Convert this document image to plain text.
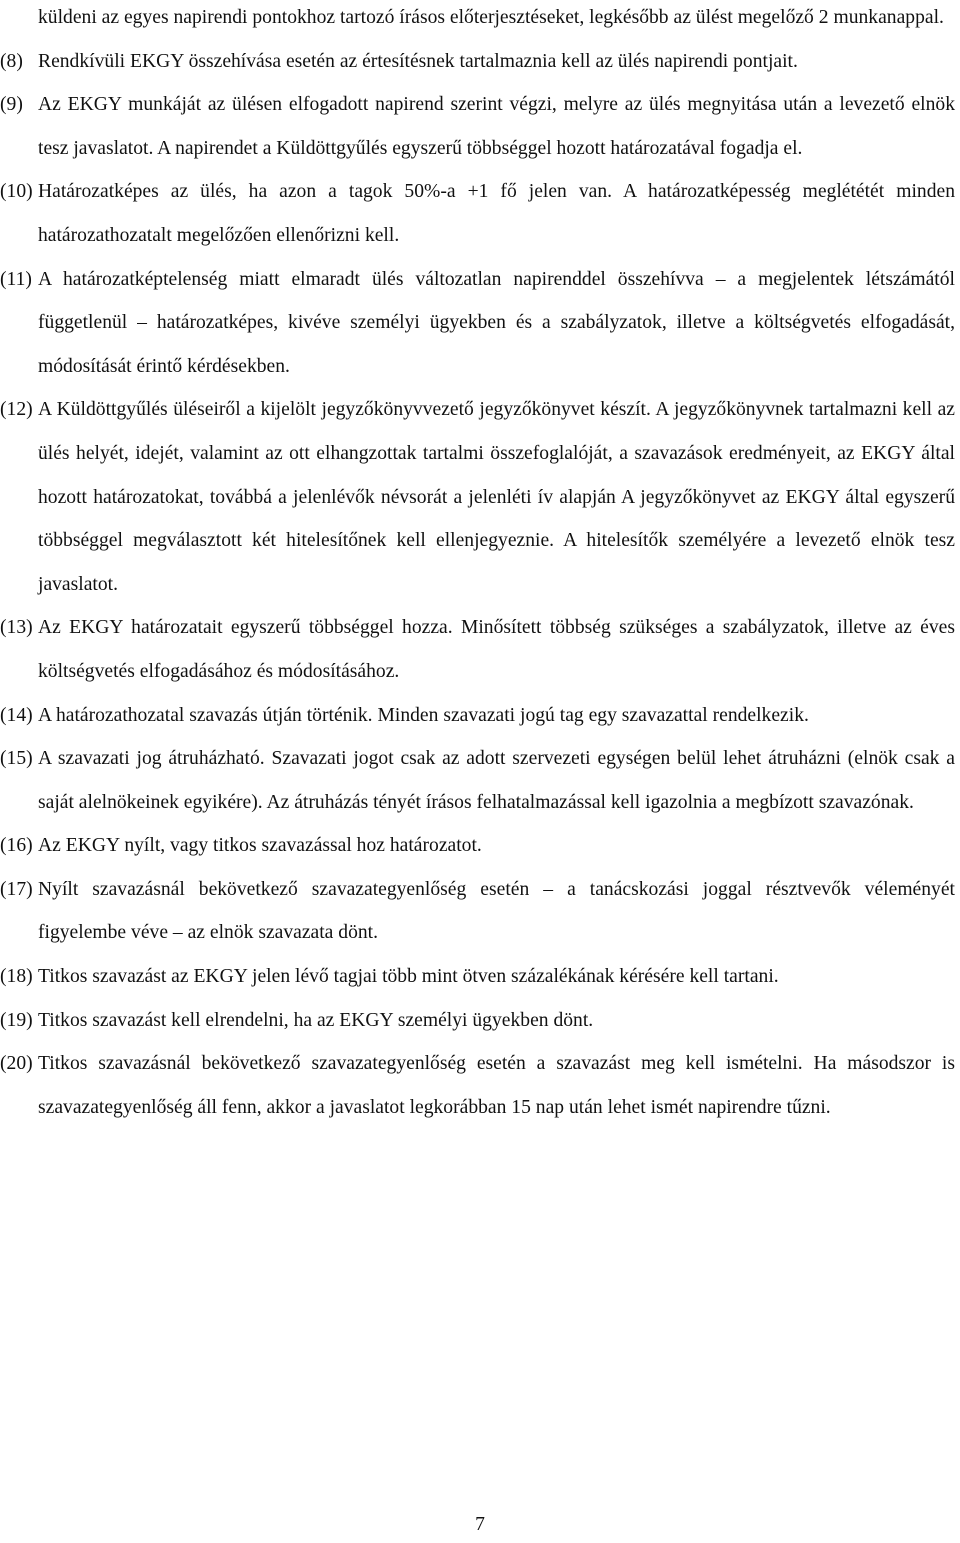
küldeni az egyes napirendi pontokhoz tartozó írásos előterjesztéseket, legkésőbb az ülést megelőző 2 munkanappal.

(8) Rendkívüli EKGY összehívása esetén az értesítésnek tartalmaznia kell az ülés napirendi pontjait.

(9) Az EKGY munkáját az ülésen elfogadott napirend szerint végzi, melyre az ülés megnyitása után a levezető elnök tesz javaslatot. A napirendet a Küldöttgyűlés egyszerű többséggel hozott határozatával fogadja el.

(10) Határozatképes az ülés, ha azon a tagok 50%-a +1 fő jelen van. A határozatképesség meglététét minden határozathozatalt megelőzően ellenőrizni kell.

(11) A határozatképtelenség miatt elmaradt ülés változatlan napirenddel összehívva – a megjelentek létszámától függetlenül – határozatképes, kivéve személyi ügyekben és a szabályzatok, illetve a költségvetés elfogadását, módosítását érintő kérdésekben.

(12) A Küldöttgyűlés üléseiről a kijelölt jegyzőkönyvvezető jegyzőkönyvet készít. A jegyzőkönyvnek tartalmazni kell az ülés helyét, idejét, valamint az ott elhangzottak tartalmi összefoglalóját, a szavazások eredményeit, az EKGY által hozott határozatokat, továbbá a jelenlévők névsorát a jelenléti ív alapján A jegyzőkönyvet az EKGY által egyszerű többséggel megválasztott két hitelesítőnek kell ellenjegyeznie. A hitelesítők személyére a levezető elnök tesz javaslatot.

(13) Az EKGY határozatait egyszerű többséggel hozza. Minősített többség szükséges a szabályzatok, illetve az éves költségvetés elfogadásához és módosításához.

(14) A határozathozatal szavazás útján történik. Minden szavazati jogú tag egy szavazattal rendelkezik.

(15) A szavazati jog átruházható. Szavazati jogot csak az adott szervezeti egységen belül lehet átruházni (elnök csak a saját alelnökeinek egyikére). Az átruházás tényét írásos felhatalmazással kell igazolnia a megbízott szavazónak.

(16) Az EKGY nyílt, vagy titkos szavazással hoz határozatot.

(17) Nyílt szavazásnál bekövetkező szavazategyenlőség esetén – a tanácskozási joggal résztvevők véleményét figyelembe véve – az elnök szavazata dönt.

(18) Titkos szavazást az EKGY jelen lévő tagjai több mint ötven százalékának kérésére kell tartani.

(19) Titkos szavazást kell elrendelni, ha az EKGY személyi ügyekben dönt.

(20) Titkos szavazásnál bekövetkező szavazategyenlőség esetén a szavazást meg kell ismételni. Ha másodszor is szavazategyenlőség áll fenn, akkor a javaslatot legkorábban 15 nap után lehet ismét napirendre tűzni.

7
